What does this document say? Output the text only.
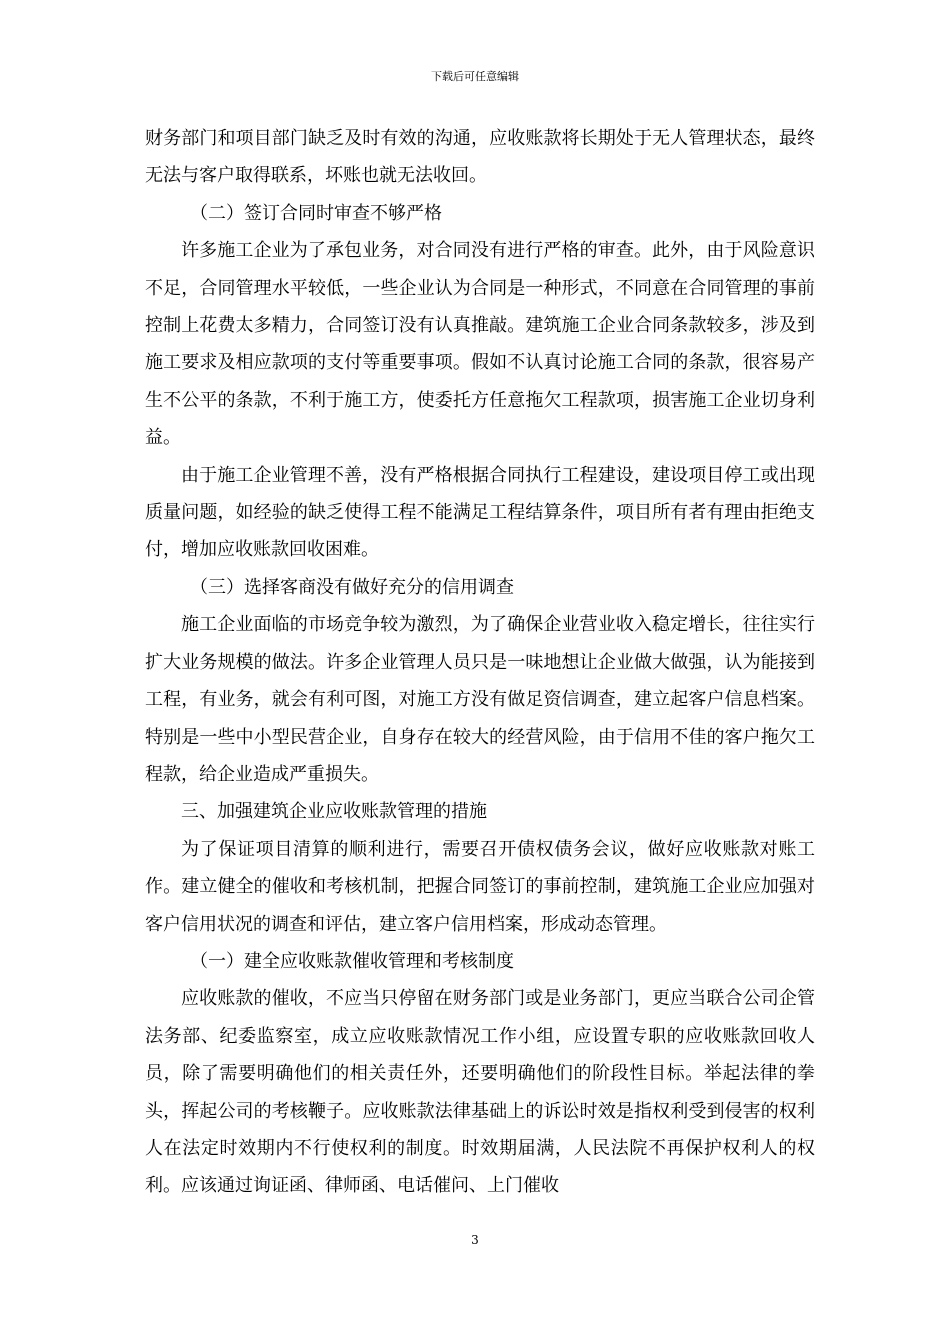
下载后可任意编辑

财务部门和项目部门缺乏及时有效的沟通，应收账款将长期处于无人管理状态，最终无法与客户取得联系，坏账也就无法收回。

（二）签订合同时审查不够严格

许多施工企业为了承包业务，对合同没有进行严格的审查。此外，由于风险意识不足，合同管理水平较低，一些企业认为合同是一种形式，不同意在合同管理的事前控制上花费太多精力，合同签订没有认真推敲。建筑施工企业合同条款较多，涉及到施工要求及相应款项的支付等重要事项。假如不认真讨论施工合同的条款，很容易产生不公平的条款，不利于施工方，使委托方任意拖欠工程款项，损害施工企业切身利益。

由于施工企业管理不善，没有严格根据合同执行工程建设，建设项目停工或出现质量问题，如经验的缺乏使得工程不能满足工程结算条件，项目所有者有理由拒绝支付，增加应收账款回收困难。

（三）选择客商没有做好充分的信用调查

施工企业面临的市场竞争较为激烈，为了确保企业营业收入稳定增长，往往实行扩大业务规模的做法。许多企业管理人员只是一味地想让企业做大做强，认为能接到工程，有业务，就会有利可图，对施工方没有做足资信调查，建立起客户信息档案。特别是一些中小型民营企业，自身存在较大的经营风险，由于信用不佳的客户拖欠工程款，给企业造成严重损失。

三、加强建筑企业应收账款管理的措施

为了保证项目清算的顺利进行，需要召开债权债务会议，做好应收账款对账工作。建立健全的催收和考核机制，把握合同签订的事前控制，建筑施工企业应加强对客户信用状况的调查和评估，建立客户信用档案，形成动态管理。

（一）建全应收账款催收管理和考核制度

应收账款的催收，不应当只停留在财务部门或是业务部门，更应当联合公司企管法务部、纪委监察室，成立应收账款情况工作小组，应设置专职的应收账款回收人员，除了需要明确他们的相关责任外，还要明确他们的阶段性目标。举起法律的拳头，挥起公司的考核鞭子。应收账款法律基础上的诉讼时效是指权利受到侵害的权利人在法定时效期内不行使权利的制度。时效期届满，人民法院不再保护权利人的权利。应该通过询证函、律师函、电话催问、上门催收

3
